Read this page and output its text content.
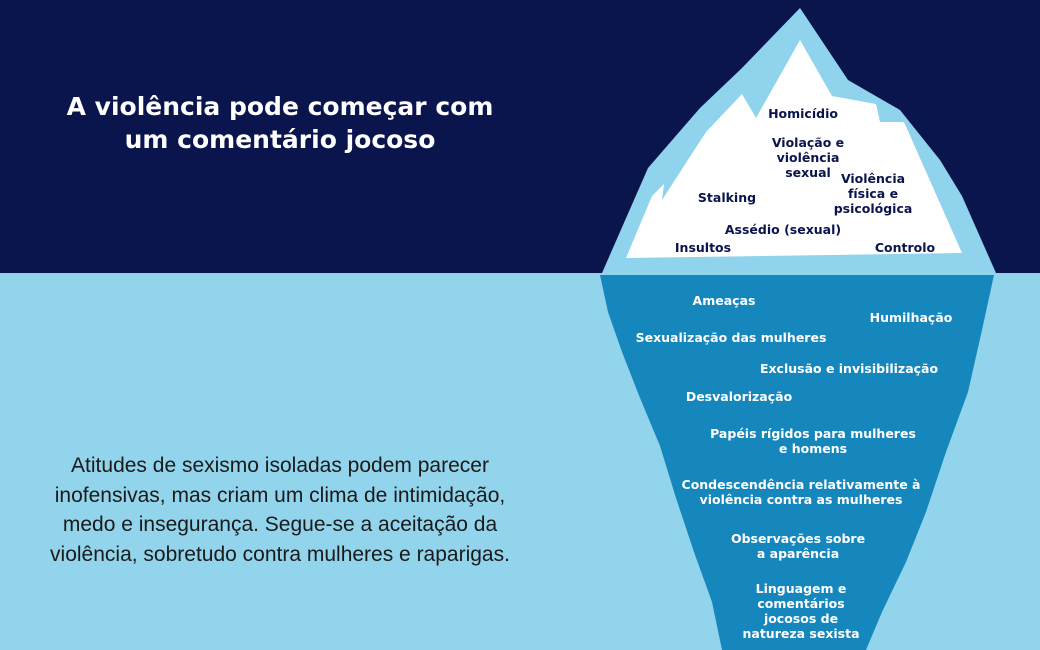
A violência pode começar com
um comentário jocoso

Atitudes de sexismo isoladas podem parecer inofensivas, mas criam um clima de intimidação, medo e insegurança. Segue-se a aceitação da violência, sobretudo contra mulheres e raparigas.

Homicídio
Violação e
violência
sexual Violência
física e
psicológica
Stalking
Assédio (sexual)
Insultos	Controlo
Ameaças
Humilhação
Sexualização das mulheres
Exclusão e invisibilização
Desvalorização
Papéis rígidos para mulheres
e homens
Condescendência relativamente à
violência contra as mulheres
Observações sobre
a aparência
Linguagem e
comentários
jocosos de
natureza sexista
